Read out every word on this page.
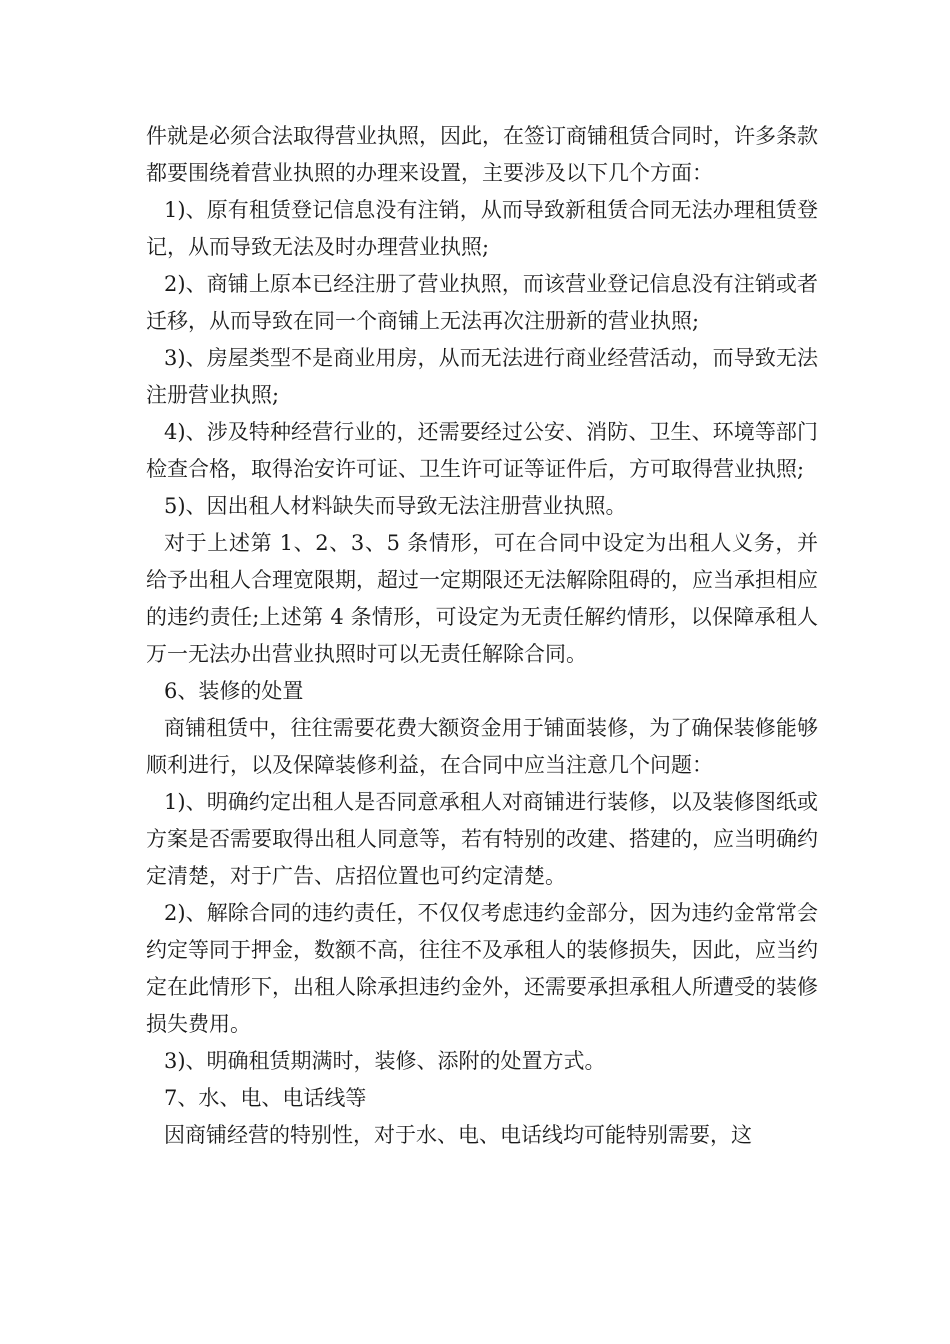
件就是必须合法取得营业执照，因此，在签订商铺租赁合同时，许多条款都要围绕着营业执照的办理来设置，主要涉及以下几个方面：

1)、原有租赁登记信息没有注销，从而导致新租赁合同无法办理租赁登记，从而导致无法及时办理营业执照;

2)、商铺上原本已经注册了营业执照，而该营业登记信息没有注销或者迁移，从而导致在同一个商铺上无法再次注册新的营业执照;

3)、房屋类型不是商业用房，从而无法进行商业经营活动，而导致无法注册营业执照;

4)、涉及特种经营行业的，还需要经过公安、消防、卫生、环境等部门检查合格，取得治安许可证、卫生许可证等证件后，方可取得营业执照;

5)、因出租人材料缺失而导致无法注册营业执照。

对于上述第 1、2、3、5 条情形，可在合同中设定为出租人义务，并给予出租人合理宽限期，超过一定期限还无法解除阻碍的，应当承担相应的违约责任;上述第 4 条情形，可设定为无责任解约情形，以保障承租人万一无法办出营业执照时可以无责任解除合同。

6、装修的处置

商铺租赁中，往往需要花费大额资金用于铺面装修，为了确保装修能够顺利进行，以及保障装修利益，在合同中应当注意几个问题：

1)、明确约定出租人是否同意承租人对商铺进行装修，以及装修图纸或方案是否需要取得出租人同意等，若有特别的改建、搭建的，应当明确约定清楚，对于广告、店招位置也可约定清楚。

2)、解除合同的违约责任，不仅仅考虑违约金部分，因为违约金常常会约定等同于押金，数额不高，往往不及承租人的装修损失，因此，应当约定在此情形下，出租人除承担违约金外，还需要承担承租人所遭受的装修损失费用。

3)、明确租赁期满时，装修、添附的处置方式。

7、水、电、电话线等

因商铺经营的特别性，对于水、电、电话线均可能特别需要，这
